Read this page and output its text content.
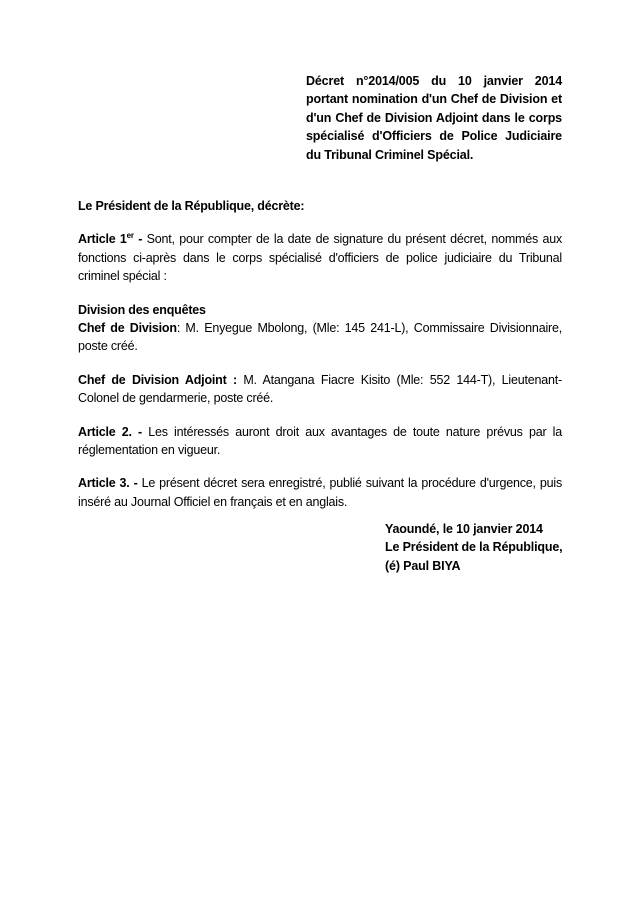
Décret n°2014/005 du 10 janvier 2014 portant nomination d'un Chef de Division et d'un Chef de Division Adjoint dans le corps spécialisé d'Officiers de Police Judiciaire du Tribunal Criminel Spécial.

Le Président de la République, décrète:

Article 1er - Sont, pour compter de la date de signature du présent décret, nommés aux fonctions ci-après dans le corps spécialisé d'officiers de police judiciaire du Tribunal criminel spécial :

Division des enquêtes

Chef de Division: M. Enyegue Mbolong, (Mle: 145 241-L), Commissaire Divisionnaire, poste créé.

Chef de Division Adjoint : M. Atangana Fiacre Kisito (Mle: 552 144-T), Lieutenant-Colonel de gendarmerie, poste créé.

Article 2. - Les intéressés auront droit aux avantages de toute nature prévus par la réglementation en vigueur.

Article 3. - Le présent décret sera enregistré, publié suivant la procédure d'urgence, puis inséré au Journal Officiel en français et en anglais.

Yaoundé, le 10 janvier 2014
Le Président de la République,
(é) Paul BIYA
